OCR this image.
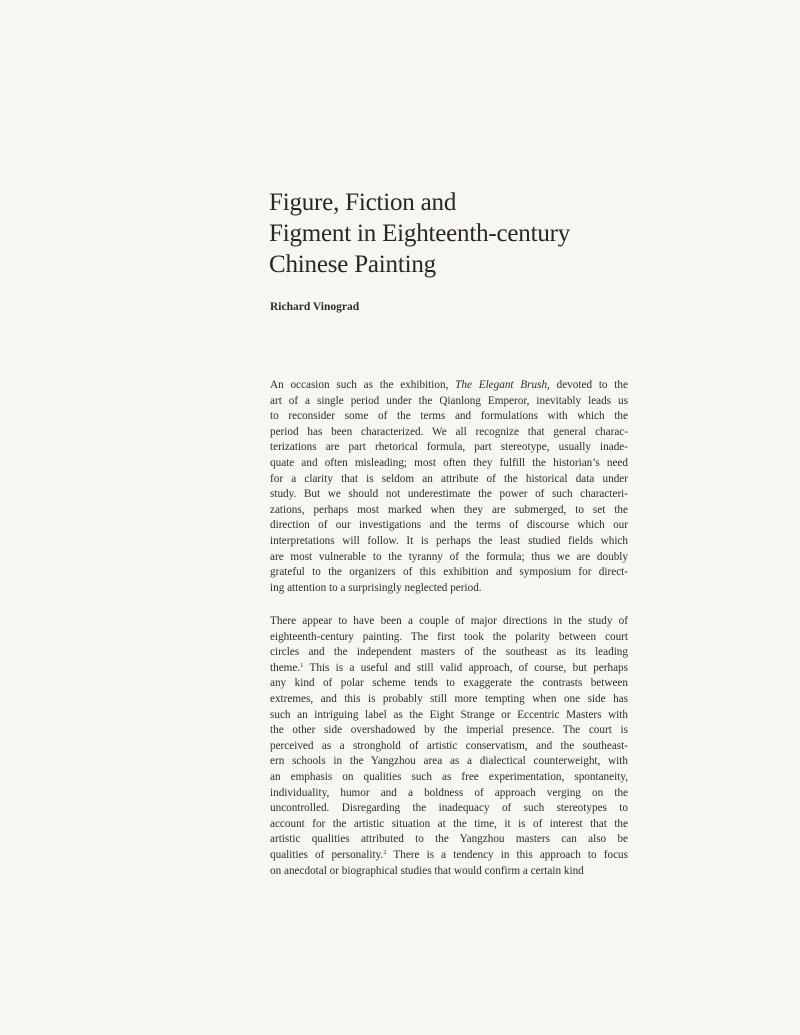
Figure, Fiction and
Figment in Eighteenth-century
Chinese Painting

Richard Vinograd

An occasion such as the exhibition, The Elegant Brush, devoted to the
art of a single period under the Qianlong Emperor, inevitably leads us
to reconsider some of the terms and formulations with which the
period has been characterized. We all recognize that general charac-
terizations are part rhetorical formula, part stereotype, usually inade-
quate and often misleading; most often they fulfill the historian’s need
for a clarity that is seldom an attribute of the historical data under
study. But we should not underestimate the power of such characteri-
zations, perhaps most marked when they are submerged, to set the
direction of our investigations and the terms of discourse which our
interpretations will follow. It is perhaps the least studied fields which
are most vulnerable to the tyranny of the formula; thus we are doubly
grateful to the organizers of this exhibition and symposium for direct-
ing attention to a surprisingly neglected period.
There appear to have been a couple of major directions in the study of
eighteenth-century painting. The first took the polarity between court
circles and the independent masters of the southeast as its leading
theme.$^1$ This is a useful and still valid approach, of course, but perhaps
any kind of polar scheme tends to exaggerate the contrasts between
extremes, and this is probably still more tempting when one side has
such an intriguing label as the Eight Strange or Eccentric Masters with
the other side overshadowed by the imperial presence. The court is
perceived as a stronghold of artistic conservatism, and the southeast-
ern schools in the Yangzhou area as a dialectical counterweight, with
an emphasis on qualities such as free experimentation, spontaneity,
individuality, humor and a boldness of approach verging on the
uncontrolled. Disregarding the inadequacy of such stereotypes to
account for the artistic situation at the time, it is of interest that the
artistic qualities attributed to the Yangzhou masters can also be
qualities of personality.$^2$ There is a tendency in this approach to focus
on anecdotal or biographical studies that would confirm a certain kind
